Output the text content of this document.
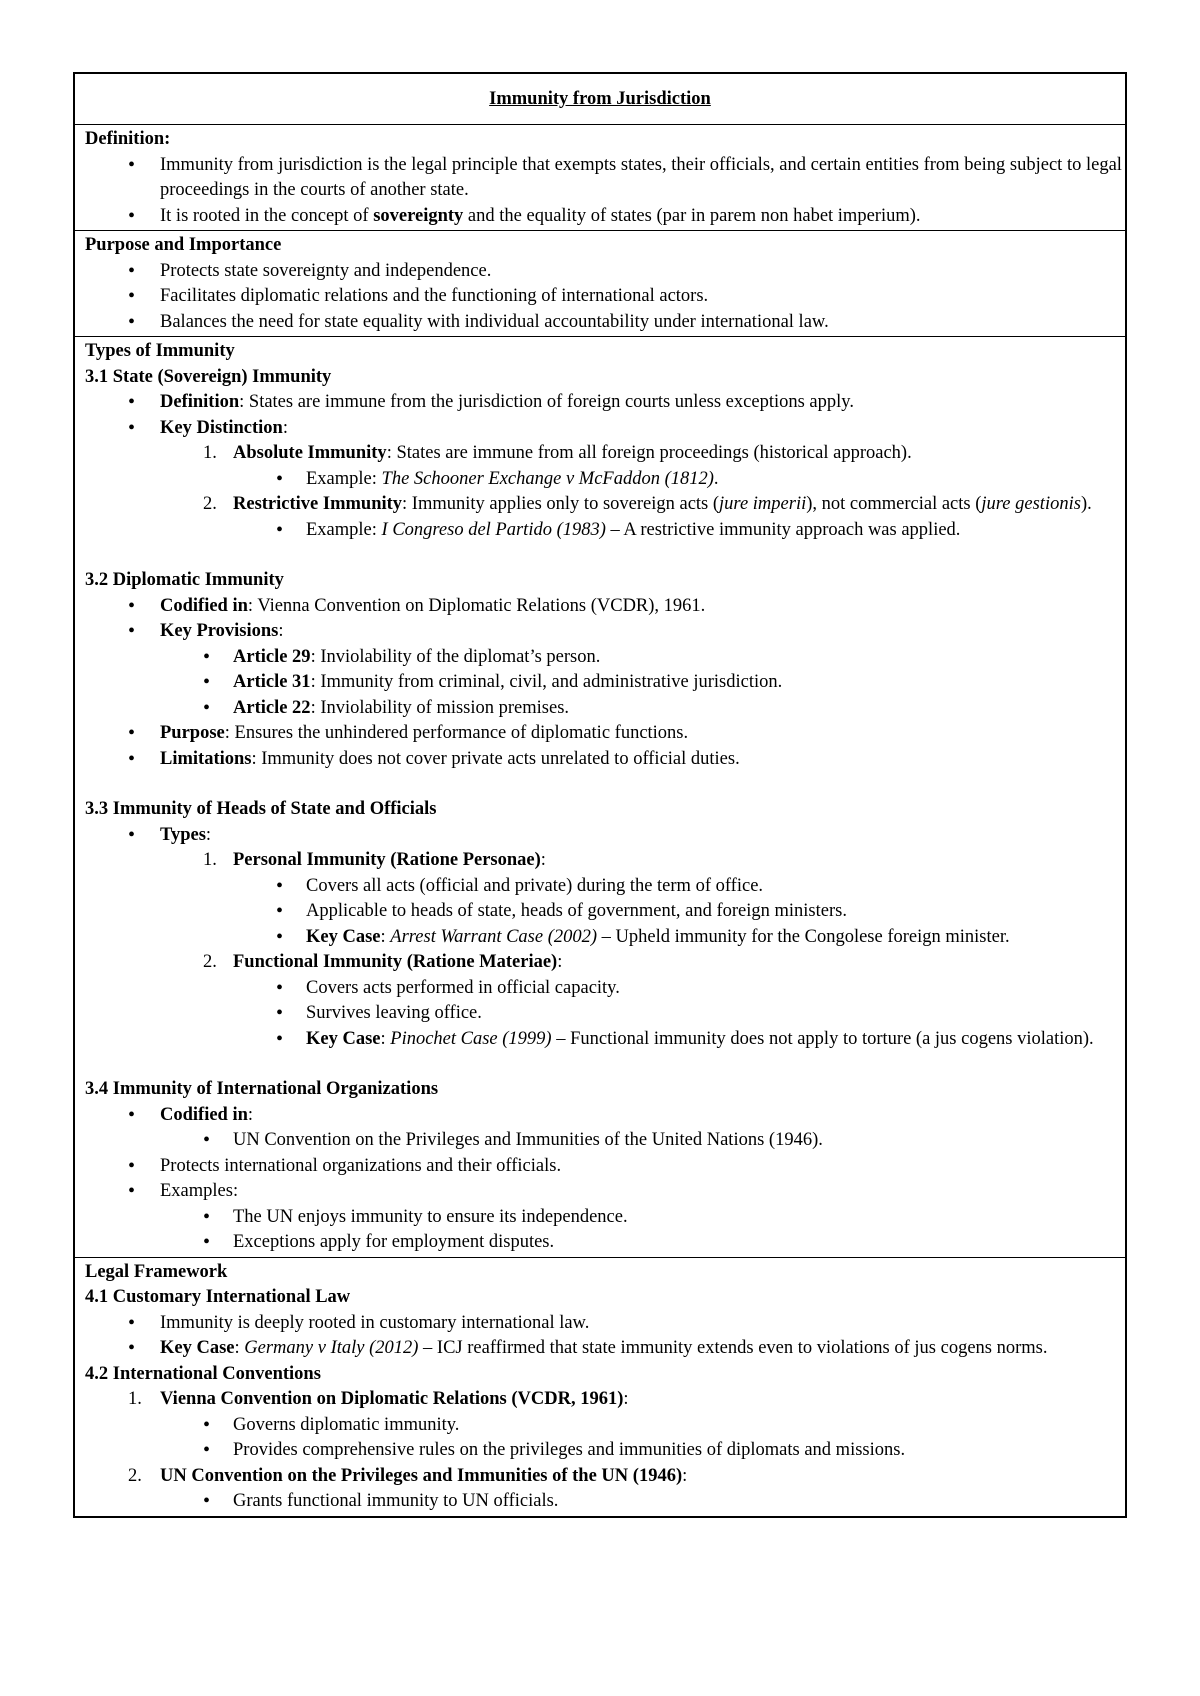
Immunity from Jurisdiction
Definition:
• Immunity from jurisdiction is the legal principle that exempts states, their officials, and certain entities from being subject to legal proceedings in the courts of another state.
• It is rooted in the concept of sovereignty and the equality of states (par in parem non habet imperium).
Purpose and Importance
• Protects state sovereignty and independence.
• Facilitates diplomatic relations and the functioning of international actors.
• Balances the need for state equality with individual accountability under international law.
Types of Immunity
3.1 State (Sovereign) Immunity
• Definition: States are immune from the jurisdiction of foreign courts unless exceptions apply.
• Key Distinction:
1. Absolute Immunity: States are immune from all foreign proceedings (historical approach).
• Example: The Schooner Exchange v McFaddon (1812).
2. Restrictive Immunity: Immunity applies only to sovereign acts (jure imperii), not commercial acts (jure gestionis).
• Example: I Congreso del Partido (1983) – A restrictive immunity approach was applied.
3.2 Diplomatic Immunity
• Codified in: Vienna Convention on Diplomatic Relations (VCDR), 1961.
• Key Provisions:
• Article 29: Inviolability of the diplomat’s person.
• Article 31: Immunity from criminal, civil, and administrative jurisdiction.
• Article 22: Inviolability of mission premises.
• Purpose: Ensures the unhindered performance of diplomatic functions.
• Limitations: Immunity does not cover private acts unrelated to official duties.
3.3 Immunity of Heads of State and Officials
• Types:
1. Personal Immunity (Ratione Personae):
• Covers all acts (official and private) during the term of office.
• Applicable to heads of state, heads of government, and foreign ministers.
• Key Case: Arrest Warrant Case (2002) – Upheld immunity for the Congolese foreign minister.
2. Functional Immunity (Ratione Materiae):
• Covers acts performed in official capacity.
• Survives leaving office.
• Key Case: Pinochet Case (1999) – Functional immunity does not apply to torture (a jus cogens violation).
3.4 Immunity of International Organizations
• Codified in:
• UN Convention on the Privileges and Immunities of the United Nations (1946).
• Protects international organizations and their officials.
• Examples:
• The UN enjoys immunity to ensure its independence.
• Exceptions apply for employment disputes.
Legal Framework
4.1 Customary International Law
• Immunity is deeply rooted in customary international law.
• Key Case: Germany v Italy (2012) – ICJ reaffirmed that state immunity extends even to violations of jus cogens norms.
4.2 International Conventions
1. Vienna Convention on Diplomatic Relations (VCDR, 1961):
• Governs diplomatic immunity.
• Provides comprehensive rules on the privileges and immunities of diplomats and missions.
2. UN Convention on the Privileges and Immunities of the UN (1946):
• Grants functional immunity to UN officials.
